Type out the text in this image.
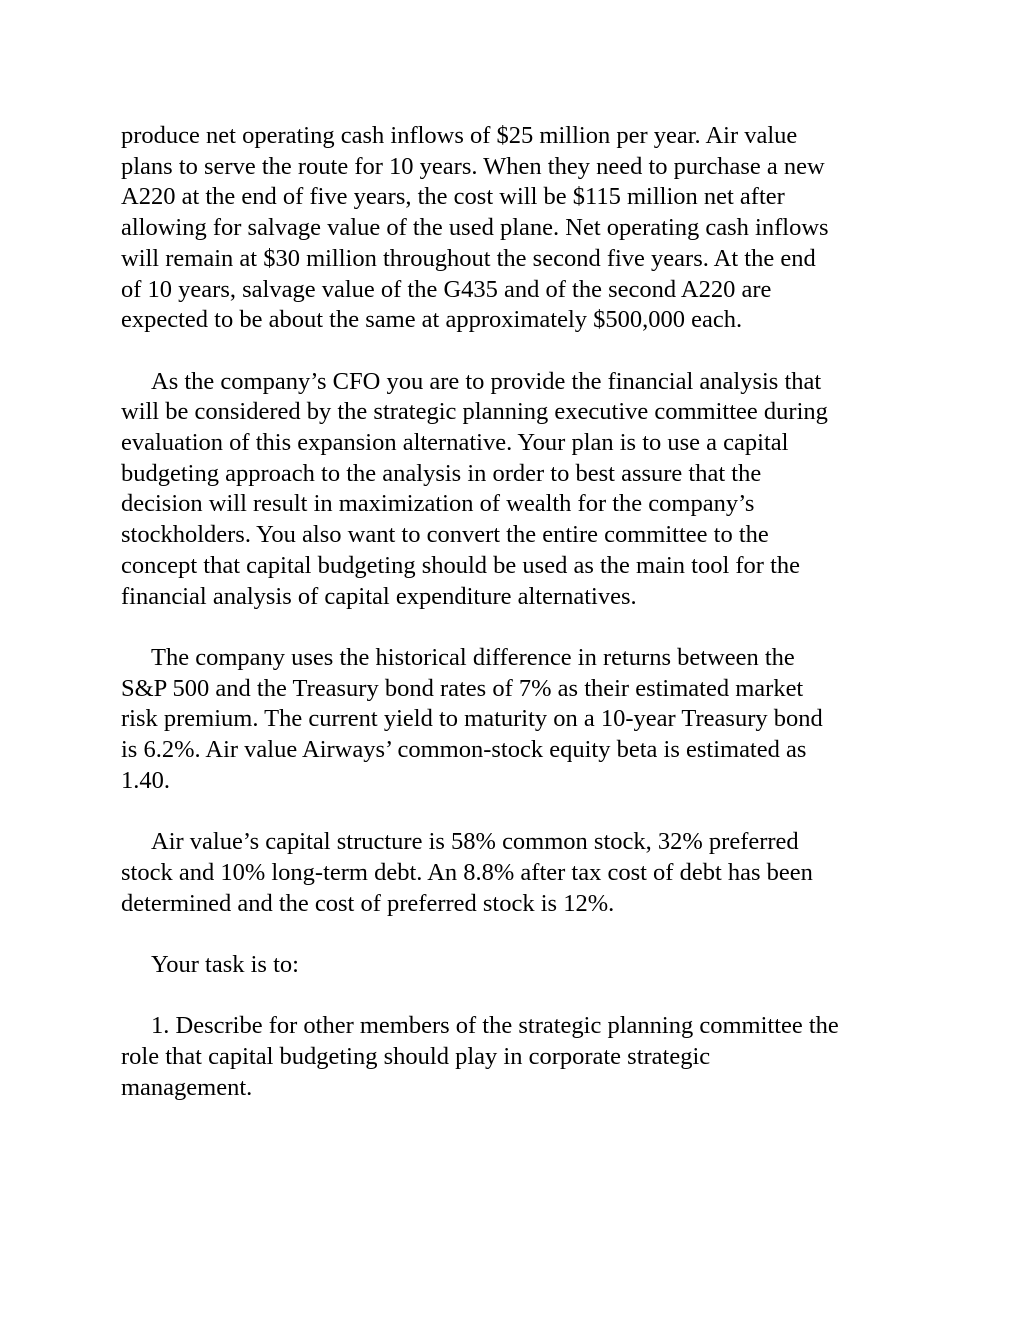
produce net operating cash inflows of $25 million per year. Air value
plans to serve the route for 10 years. When they need to purchase a new
A220 at the end of five years, the cost will be $115 million net after
allowing for salvage value of the used plane. Net operating cash inflows
will remain at $30 million throughout the second five years. At the end
of 10 years, salvage value of the G435 and of the second A220 are
expected to be about the same at approximately $500,000 each.

As the company’s CFO you are to provide the financial analysis that
will be considered by the strategic planning executive committee during
evaluation of this expansion alternative. Your plan is to use a capital
budgeting approach to the analysis in order to best assure that the
decision will result in maximization of wealth for the company’s
stockholders. You also want to convert the entire committee to the
concept that capital budgeting should be used as the main tool for the
financial analysis of capital expenditure alternatives.

The company uses the historical difference in returns between the
S&P 500 and the Treasury bond rates of 7% as their estimated market
risk premium. The current yield to maturity on a 10-year Treasury bond
is 6.2%. Air value Airways’ common-stock equity beta is estimated as
1.40.

Air value’s capital structure is 58% common stock, 32% preferred
stock and 10% long-term debt. An 8.8% after tax cost of debt has been
determined and the cost of preferred stock is 12%.

Your task is to:

1. Describe for other members of the strategic planning committee the
role that capital budgeting should play in corporate strategic
management.
